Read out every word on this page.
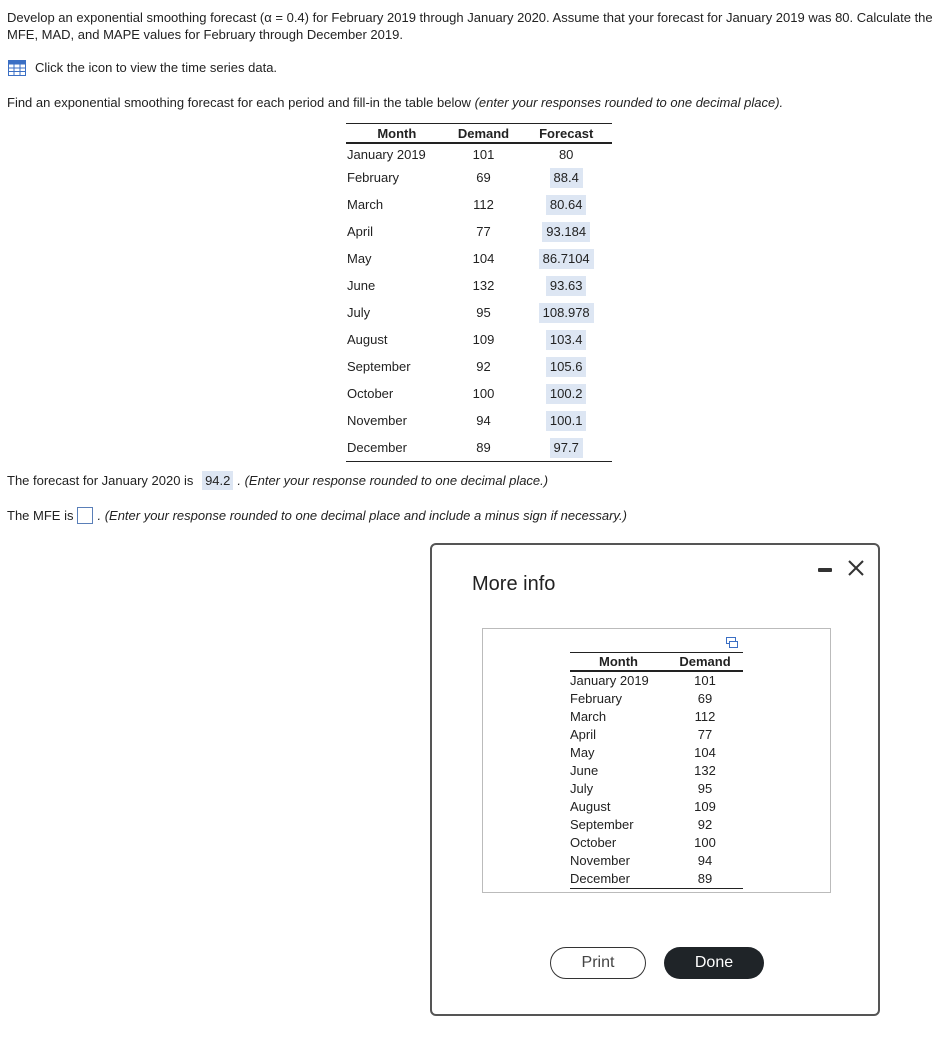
Develop an exponential smoothing forecast (α = 0.4) for February 2019 through January 2020. Assume that your forecast for January 2019 was 80. Calculate the MFE, MAD, and MAPE values for February through December 2019.
Click the icon to view the time series data.
Find an exponential smoothing forecast for each period and fill-in the table below (enter your responses rounded to one decimal place).
Month	Demand	Forecast
January 2019	101	80
February	69	88.4
March	112	80.64
April	77	93.184
May	104	86.7104
June	132	93.63
July	95	108.978
August	109	103.4
September	92	105.6
October	100	100.2
November	94	100.1
December	89	97.7
The forecast for January 2020 is 94.2 . (Enter your response rounded to one decimal place.)
The MFE is . (Enter your response rounded to one decimal place and include a minus sign if necessary.)
More info
Month	Demand
January 2019	101
February	69
March	112
April	77
May	104
June	132
July	95
August	109
September	92
October	100
November	94
December	89
Print	Done
